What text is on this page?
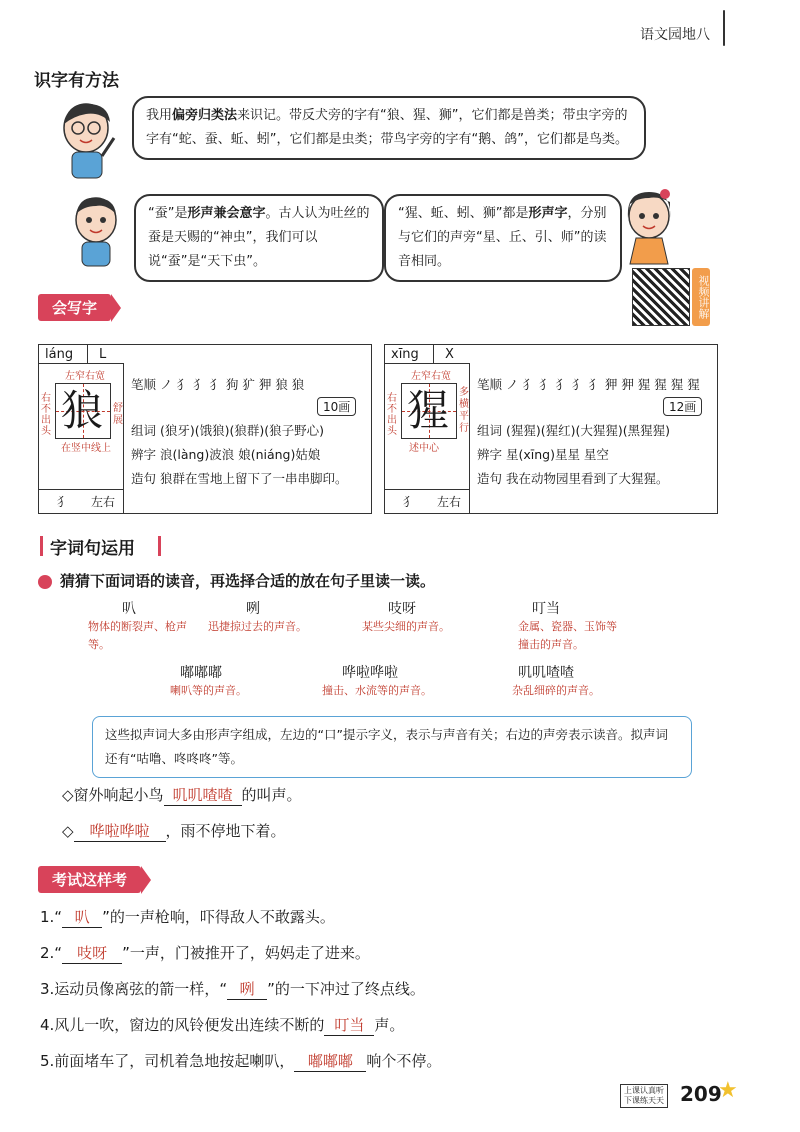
语文园地八
识字有方法
我用偏旁归类法来识记。带反犬旁的字有“狼、猩、狮”，它们都是兽类；带虫字旁的字有“蛇、蚕、蚯、蚓”，它们都是虫类；带鸟字旁的字有“鹅、鸽”，它们都是鸟类。
“蚕”是形声兼会意字。古人认为吐丝的蚕是天赐的“神虫”，我们可以说“蚕”是“天下虫”。
“猩、蚯、蚓、狮”都是形声字，分别与它们的声旁“星、丘、引、师”的读音相同。
视频讲解
会写字
láng L
左窄右宽
右不出头
舒展
狼
在竖中线上
犭 左右
笔顺 ノ 犭 犭 犭 狗 犷 狎 狼 狼
10画
组词 (狼牙)(饿狼)(狼群)(狼子野心)
辨字 浪(làng)波浪 娘(niáng)姑娘
造句 狼群在雪地上留下了一串串脚印。
xīng X
左窄右宽
右不出头
多横平行
猩
述中心
犭 左右
笔顺 ノ 犭 犭 犭 犭 犭 狎 狎 猩 猩 猩 猩
12画
组词 (猩猩)(猩红)(大猩猩)(黑猩猩)
辨字 星(xīng)星星 星空
造句 我在动物园里看到了大猩猩。
字词句运用
猜猜下面词语的读音，再选择合适的放在句子里读一读。
叭
物体的断裂声、枪声等。
咧
迅捷掠过去的声音。
吱呀
某些尖细的声音。
叮当
金属、瓷器、玉饰等撞击的声音。
嘟嘟嘟
喇叭等的声音。
哗啦哗啦
撞击、水流等的声音。
叽叽喳喳
杂乱细碎的声音。
这些拟声词大多由形声字组成，左边的“口”提示字义，表示与声音有关；右边的声旁表示读音。拟声词还有“咕噜、咚咚咚”等。
◇窗外响起小鸟 叽叽喳喳 的叫声。
◇ 哗啦哗啦 ，雨不停地下着。
考试这样考
1.“ 叭 ”的一声枪响，吓得敌人不敢露头。
2.“ 吱呀 ”一声，门被推开了，妈妈走了进来。
3.运动员像离弦的箭一样，“ 咧 ”的一下冲过了终点线。
4.风儿一吹，窗边的风铃便发出连续不断的 叮当 声。
5.前面堵车了，司机着急地按起喇叭， 嘟嘟嘟 响个不停。
上课认真听
下课练天天 209
★
